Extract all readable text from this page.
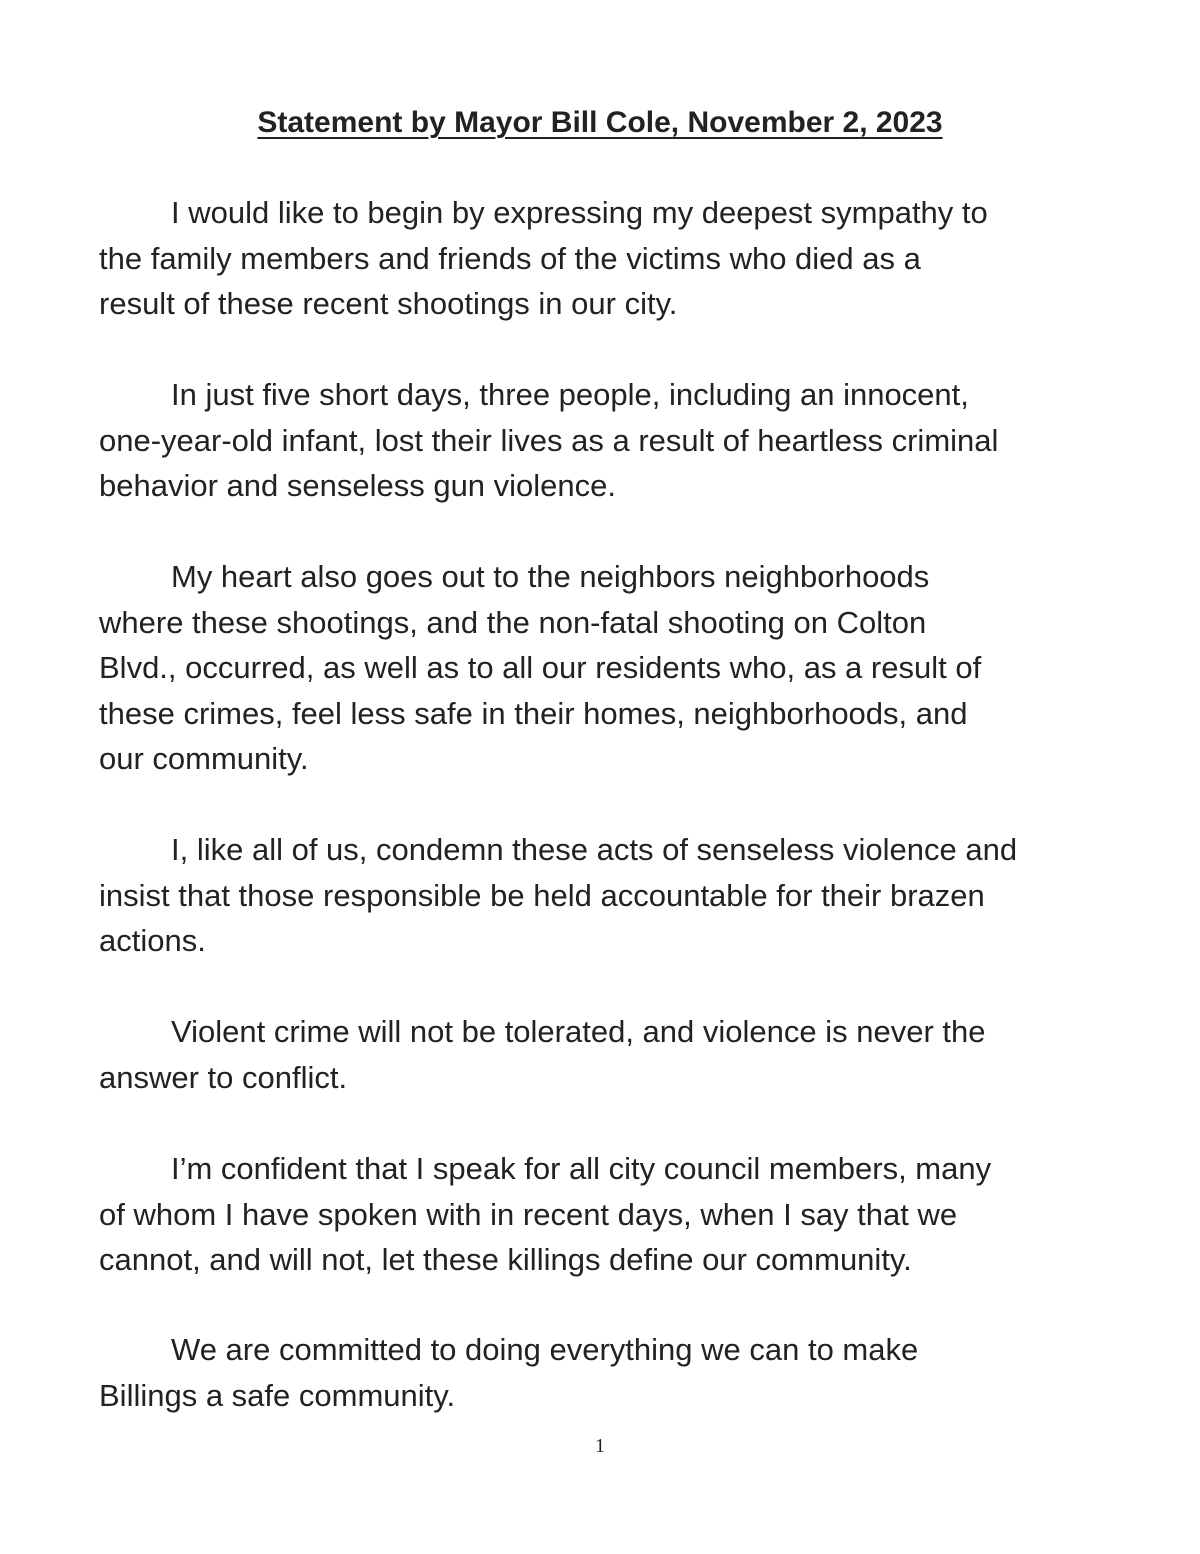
Statement by Mayor Bill Cole, November 2, 2023

I would like to begin by expressing my deepest sympathy to
the family members and friends of the victims who died as a
result of these recent shootings in our city.

In just five short days, three people, including an innocent,
one-year-old infant, lost their lives as a result of heartless criminal
behavior and senseless gun violence.

My heart also goes out to the neighbors neighborhoods
where these shootings, and the non-fatal shooting on Colton
Blvd., occurred, as well as to all our residents who, as a result of
these crimes, feel less safe in their homes, neighborhoods, and
our community.

I, like all of us, condemn these acts of senseless violence and
insist that those responsible be held accountable for their brazen
actions.

Violent crime will not be tolerated, and violence is never the
answer to conflict.

I’m confident that I speak for all city council members, many
of whom I have spoken with in recent days, when I say that we
cannot, and will not, let these killings define our community.

We are committed to doing everything we can to make
Billings a safe community.

1
